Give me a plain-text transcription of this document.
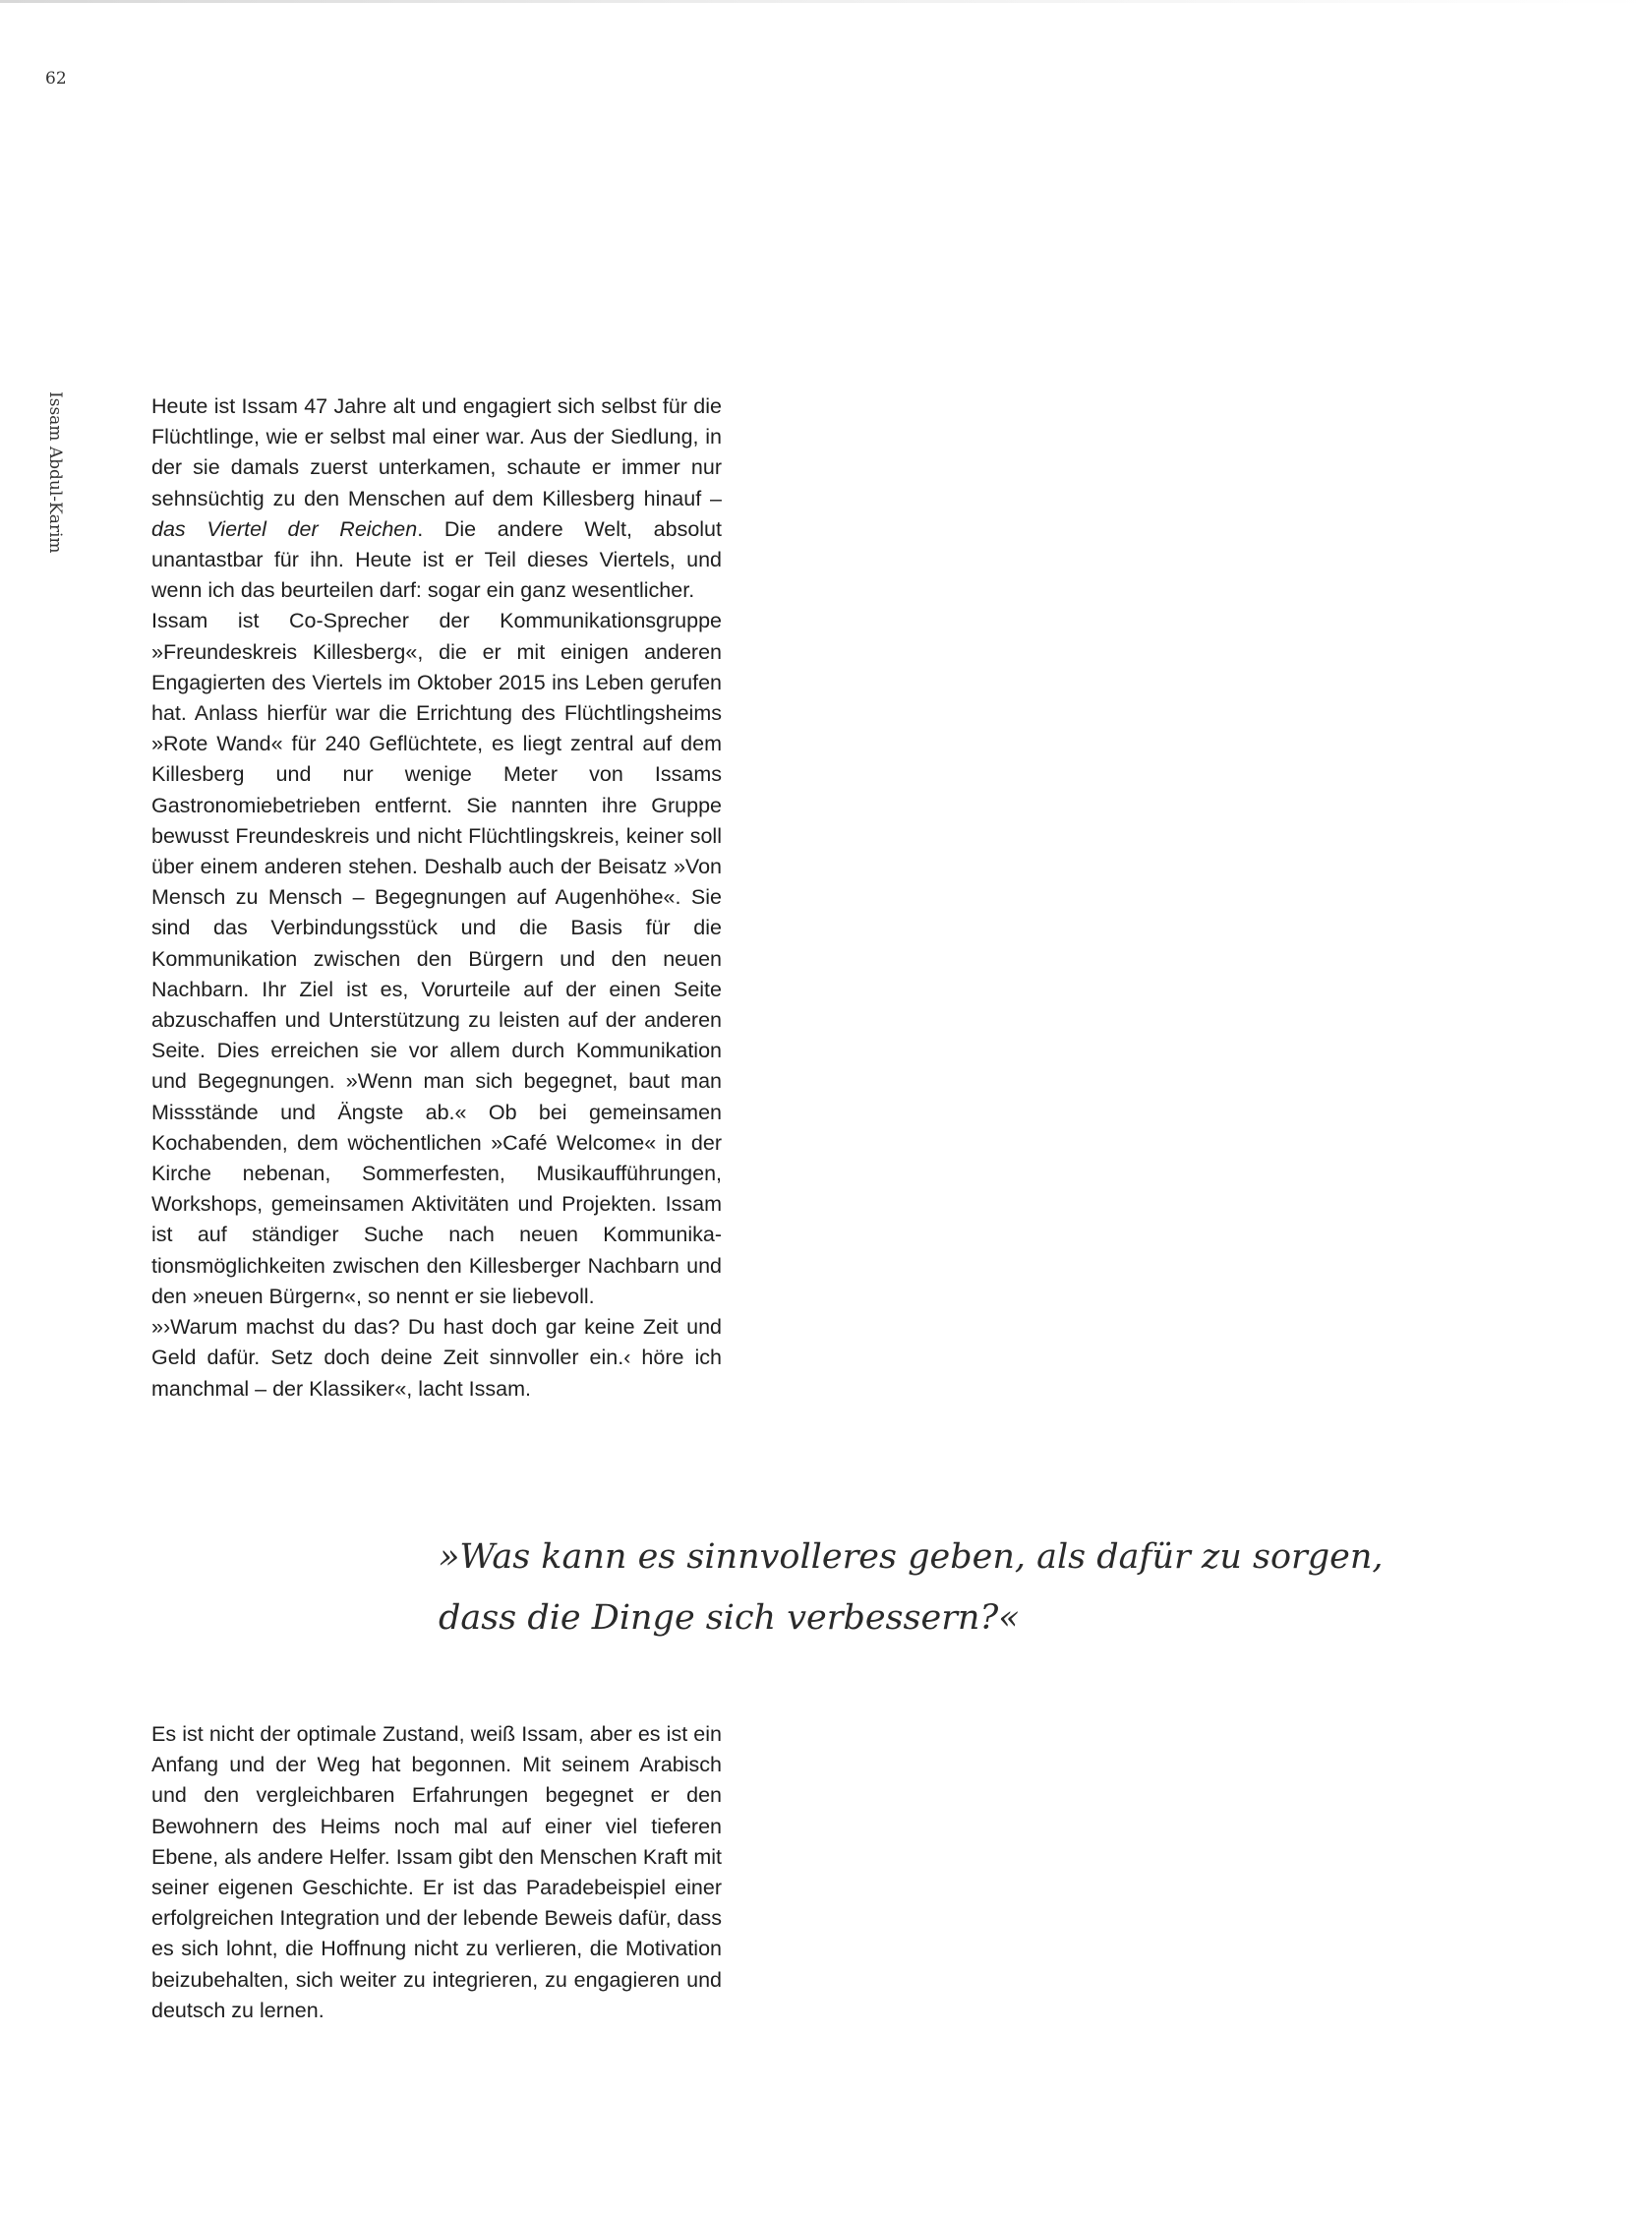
62
Issam Abdul-Karim	Heute ist Issam 47 Jahre alt und engagiert sich selbst für die Flüchtlinge, wie er selbst mal einer war. Aus der Siedlung, in der sie damals zuerst unterkamen, schaute er immer nur sehnsüchtig zu den Menschen auf dem Killesberg hinauf – das Viertel der Reichen. Die andere Welt, absolut unantastbar für ihn. Heute ist er Teil dieses Viertels, und wenn ich das beurteilen darf: sogar ein ganz wesentlicher.

Issam ist Co-Sprecher der Kommunikationsgruppe »Freundeskreis Killesberg«, die er mit einigen anderen Engagierten des Viertels im Oktober 2015 ins Leben gerufen hat. Anlass hierfür war die Errichtung des Flüchtlingsheims »Rote Wand« für 240 Geflüchtete, es liegt zentral auf dem Killesberg und nur wenige Meter von Issams Gastronomiebetrieben entfernt. Sie nannten ihre Gruppe bewusst Freundeskreis und nicht Flüchtlingskreis, keiner soll über einem anderen stehen. Deshalb auch der Beisatz »Von Mensch zu Mensch – Begegnungen auf Augenhöhe«. Sie sind das Verbindungsstück und die Basis für die Kommunikation zwischen den Bürgern und den neuen Nachbarn. Ihr Ziel ist es, Vorurteile auf der einen Seite abzuschaffen und Unterstützung zu leisten auf der anderen Seite. Dies erreichen sie vor allem durch Kommunikation und Begegnungen. »Wenn man sich begegnet, baut man Missstände und Ängste ab.« Ob bei gemeinsamen Kochabenden, dem wöchentlichen »Café Welcome« in der Kirche nebenan, Sommerfesten, Musikaufführungen, Workshops, gemeinsamen Aktivitäten und Projekten. Issam ist auf ständiger Suche nach neuen Kommunikationsmöglichkeiten zwischen den Killesberger Nachbarn und den »neuen Bürgern«, so nennt er sie liebevoll.

»›Warum machst du das? Du hast doch gar keine Zeit und Geld dafür. Setz doch deine Zeit sinnvoller ein.‹ höre ich manchmal – der Klassiker«, lacht Issam.

»Was kann es sinnvolleres geben, als dafür zu sorgen,
dass die Dinge sich verbessern?«

Es ist nicht der optimale Zustand, weiß Issam, aber es ist ein Anfang und der Weg hat begonnen. Mit seinem Arabisch und den vergleichbaren Erfahrungen begegnet er den Bewohnern des Heims noch mal auf einer viel tieferen Ebene, als andere Helfer. Issam gibt den Menschen Kraft mit seiner eigenen Geschichte. Er ist das Paradebeispiel einer erfolgreichen Integration und der lebende Beweis dafür, dass es sich lohnt, die Hoffnung nicht zu verlieren, die Motivation beizubehalten, sich weiter zu integrieren, zu engagieren und deutsch zu lernen.
